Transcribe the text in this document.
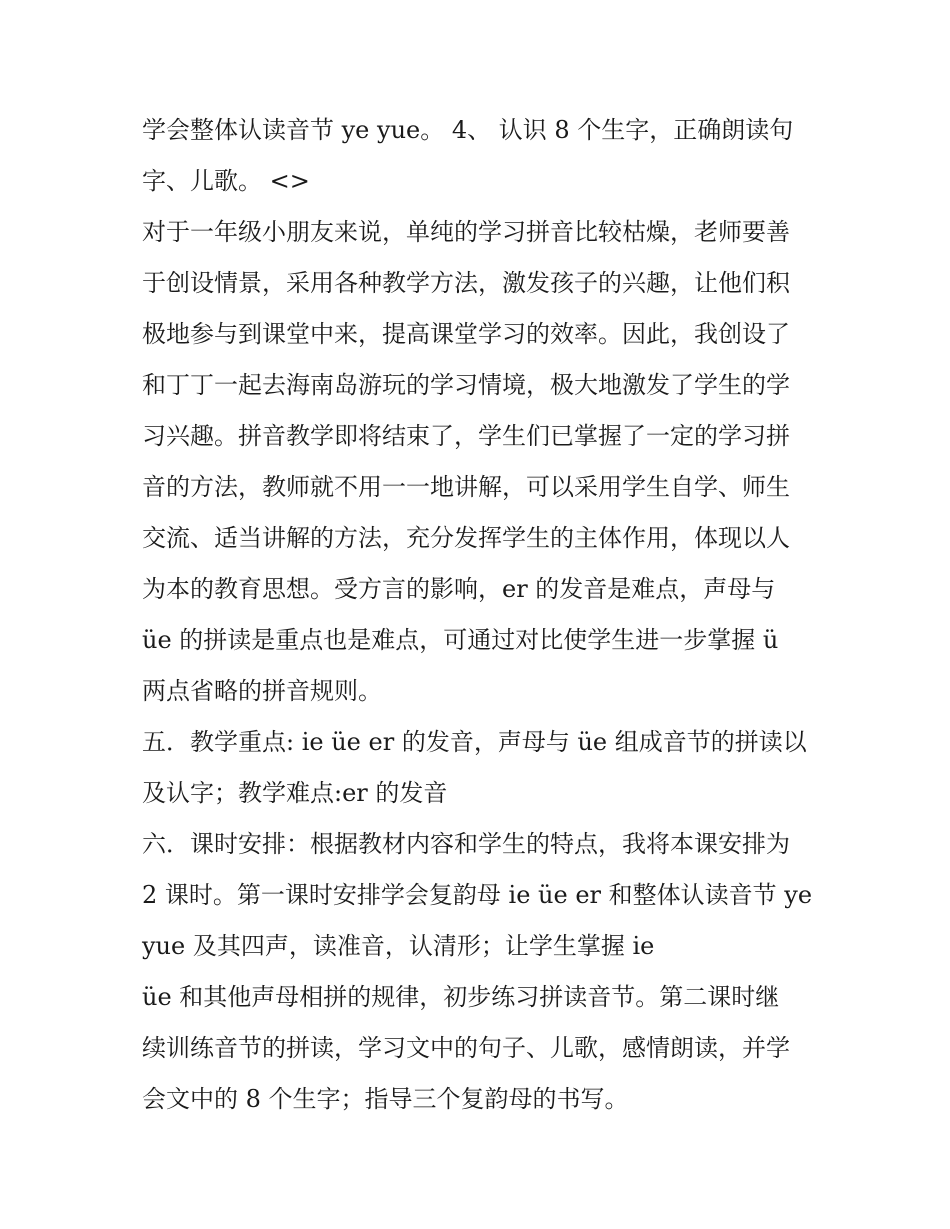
学会整体认读音节 ye yue。 4、 认识 8 个生字，正确朗读句
字、儿歌。 <>
对于一年级小朋友来说，单纯的学习拼音比较枯燥，老师要善
于创设情景，采用各种教学方法，激发孩子的兴趣，让他们积
极地参与到课堂中来，提高课堂学习的效率。因此，我创设了
和丁丁一起去海南岛游玩的学习情境，极大地激发了学生的学
习兴趣。拼音教学即将结束了，学生们已掌握了一定的学习拼
音的方法，教师就不用一一地讲解，可以采用学生自学、师生
交流、适当讲解的方法，充分发挥学生的主体作用，体现以人
为本的教育思想。受方言的影响，er 的发音是难点，声母与
üe 的拼读是重点也是难点，可通过对比使学生进一步掌握 ü
两点省略的拼音规则。
五．教学重点: ie üe er 的发音，声母与 üe 组成音节的拼读以
及认字；教学难点:er 的发音
六．课时安排：根据教材内容和学生的特点，我将本课安排为
2 课时。第一课时安排学会复韵母 ie üe er 和整体认读音节 ye
yue 及其四声，读准音，认清形；让学生掌握 ie
üe 和其他声母相拼的规律，初步练习拼读音节。第二课时继
续训练音节的拼读，学习文中的句子、儿歌，感情朗读，并学
会文中的 8 个生字；指导三个复韵母的书写。
